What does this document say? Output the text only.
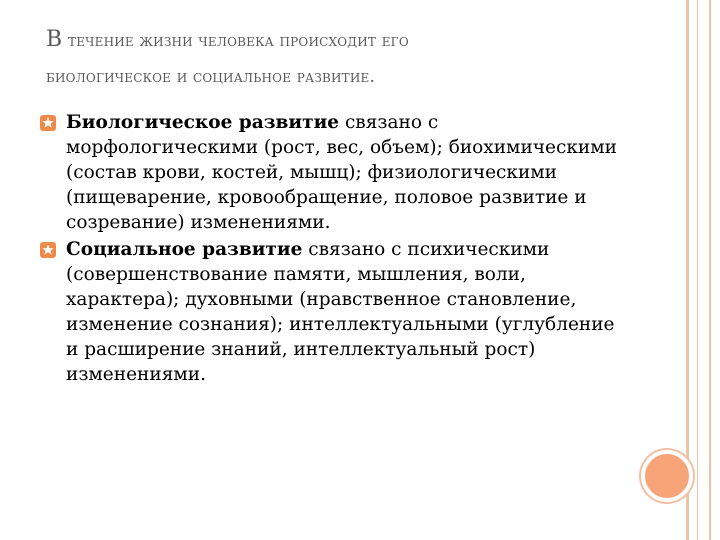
В течение жизни человека происходит его
биологическое и социальное развитие.
Биологическое развитие связано с морфологическими (рост, вес, объем); биохимическими (состав крови, костей, мышц); физиологическими (пищеварение, кровообращение, половое развитие и созревание) изменениями.
Социальное развитие связано с психическими (совершенствование памяти, мышления, воли, характера); духовными (нравственное становление, изменение сознания); интеллектуальными (углубление и расширение знаний, интеллектуальный рост) изменениями.
